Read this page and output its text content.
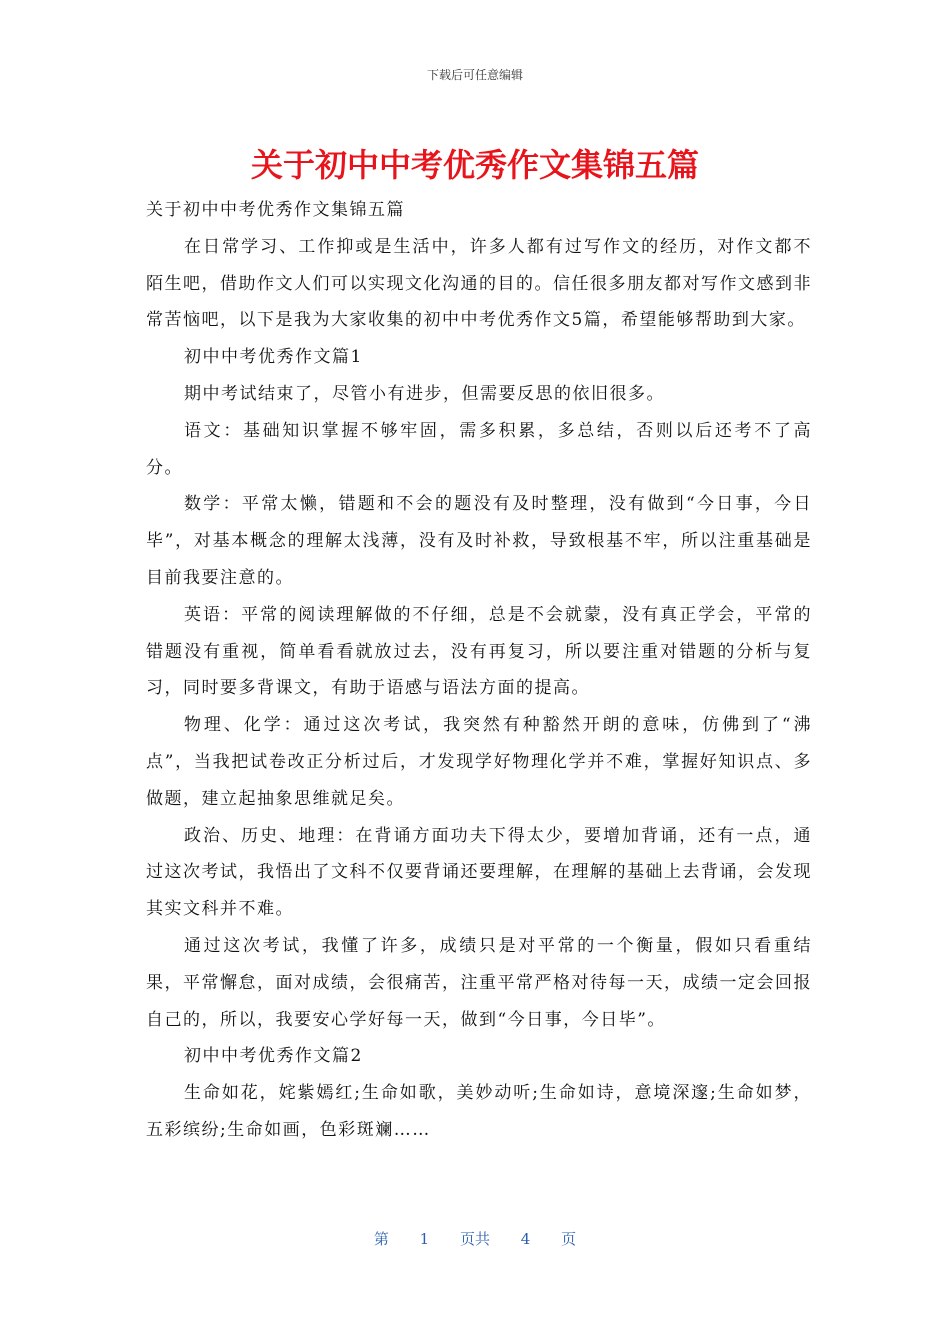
下载后可任意编辑
关于初中中考优秀作文集锦五篇

关于初中中考优秀作文集锦五篇

在日常学习、工作抑或是生活中，许多人都有过写作文的经历，对作文都不陌生吧，借助作文人们可以实现文化沟通的目的。信任很多朋友都对写作文感到非常苦恼吧，以下是我为大家收集的初中中考优秀作文5篇，希望能够帮助到大家。

初中中考优秀作文篇1

期中考试结束了，尽管小有进步，但需要反思的依旧很多。

语文：基础知识掌握不够牢固，需多积累，多总结，否则以后还考不了高分。

数学：平常太懒，错题和不会的题没有及时整理，没有做到“今日事，今日毕”，对基本概念的理解太浅薄，没有及时补救，导致根基不牢，所以注重基础是目前我要注意的。

英语：平常的阅读理解做的不仔细，总是不会就蒙，没有真正学会，平常的错题没有重视，简单看看就放过去，没有再复习，所以要注重对错题的分析与复习，同时要多背课文，有助于语感与语法方面的提高。

物理、化学：通过这次考试，我突然有种豁然开朗的意味，仿佛到了“沸点”，当我把试卷改正分析过后，才发现学好物理化学并不难，掌握好知识点、多做题，建立起抽象思维就足矣。

政治、历史、地理：在背诵方面功夫下得太少，要增加背诵，还有一点，通过这次考试，我悟出了文科不仅要背诵还要理解，在理解的基础上去背诵，会发现其实文科并不难。

通过这次考试，我懂了许多，成绩只是对平常的一个衡量，假如只看重结果，平常懈怠，面对成绩，会很痛苦，注重平常严格对待每一天，成绩一定会回报自己的，所以，我要安心学好每一天，做到“今日事，今日毕”。

初中中考优秀作文篇2

生命如花，姹紫嫣红;生命如歌，美妙动听;生命如诗，意境深邃;生命如梦，五彩缤纷;生命如画，色彩斑斓……

第 1 页共 4 页
